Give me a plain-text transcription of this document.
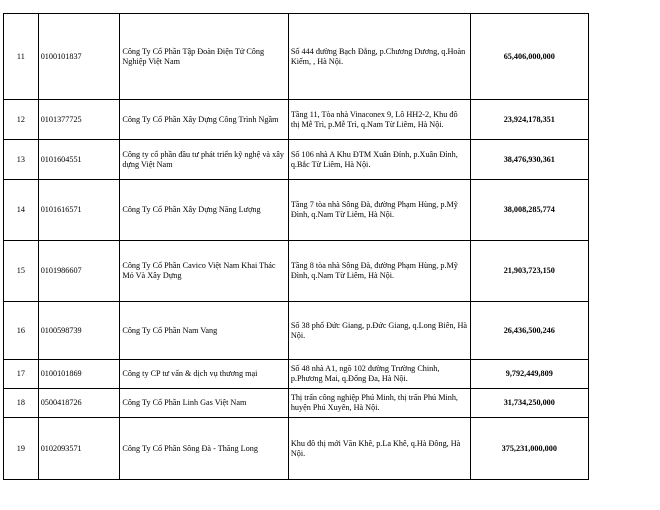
11	0100101837	Công Ty Cổ Phần Tập Đoàn Điện Tử Công Nghiệp Việt Nam	Số 444 đường Bạch Đằng, p.Chương Dương, q.Hoàn Kiếm, , Hà Nội.	65,406,000,000
12	0101377725	Công Ty Cổ Phần Xây Dựng Công Trình Ngầm	Tầng 11, Tòa nhà Vinaconex 9, Lô HH2-2, Khu đô thị Mễ Trì, p.Mễ Trì, q.Nam Từ Liêm, Hà Nội.	23,924,178,351
13	0101604551	Công ty cổ phần đầu tư phát triển kỹ nghệ và xây dựng Việt Nam	Số 106 nhà A Khu ĐTM Xuân Đỉnh, p.Xuân Đỉnh, q.Bắc Từ Liêm, Hà Nội.	38,476,930,361
14	0101616571	Công Ty Cổ Phần Xây Dựng Năng Lượng	Tầng 7 tòa nhà Sông Đà, đường Phạm Hùng, p.Mỹ Đình, q.Nam Từ Liêm, Hà Nội.	38,008,285,774
15	0101986607	Công Ty Cổ Phần Cavico Việt Nam Khai Thác Mỏ Và Xây Dựng	Tầng 8 tòa nhà Sông Đà, đường Phạm Hùng, p.Mỹ Đình, q.Nam Từ Liêm, Hà Nội.	21,903,723,150
16	0100598739	Công Ty Cổ Phần Nam Vang	Số 38 phố Đức Giang, p.Đức Giang, q.Long Biên, Hà Nội.	26,436,500,246
17	0100101869	Công ty CP tư vấn & dịch vụ thương mại	Số 48 nhà A1, ngõ 102 đường Trường Chinh, p.Phương Mai, q.Đống Đa, Hà Nội.	9,792,449,809
18	0500418726	Công Ty Cổ Phần Linh Gas Việt Nam	Thị trấn công nghiệp Phú Minh, thị trấn Phú Minh, huyện Phú Xuyên, Hà Nội.	31,734,250,000
19	0102093571	Công Ty Cổ Phần Sông Đà - Thăng Long	Khu đô thị mới Văn Khê, p.La Khê, q.Hà Đông, Hà Nội.	375,231,000,000
